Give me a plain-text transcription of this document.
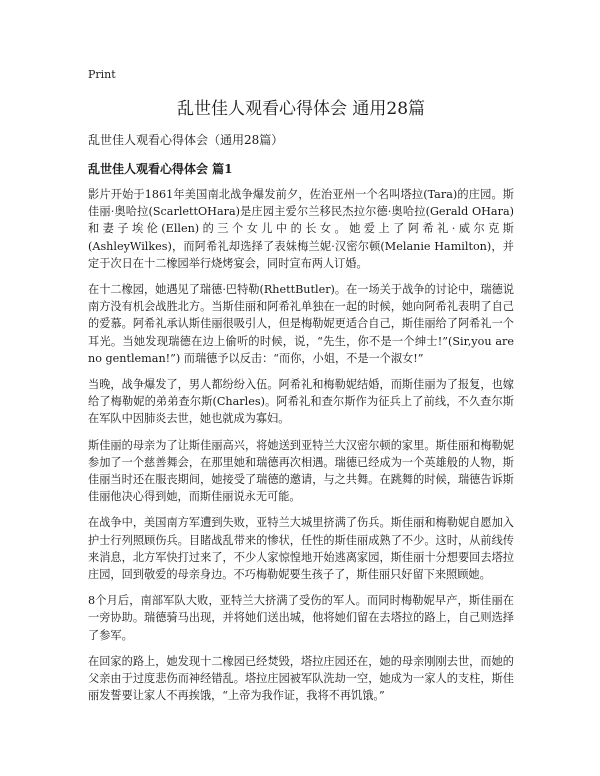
Print
乱世佳人观看心得体会 通用28篇
乱世佳人观看心得体会（通用28篇）
乱世佳人观看心得体会 篇1

影片开始于1861年美国南北战争爆发前夕，佐治亚州一个名叫塔拉(Tara)的庄园。斯佳丽·奥哈拉(ScarlettOHara)是庄园主爱尔兰移民杰拉尔德·奥哈拉(Gerald OHara)和妻子埃伦(Ellen)的三个女儿中的长女。她爱上了阿希礼·威尔克斯(AshleyWilkes)，而阿希礼却选择了表妹梅兰妮·汉密尔顿(Melanie Hamilton)，并定于次日在十二橡园举行烧烤宴会，同时宣布两人订婚。

在十二橡园，她遇见了瑞德·巴特勒(RhettButler)。在一场关于战争的讨论中，瑞德说南方没有机会战胜北方。当斯佳丽和阿希礼单独在一起的时候，她向阿希礼表明了自己的爱慕。阿希礼承认斯佳丽很吸引人，但是梅勒妮更适合自己，斯佳丽给了阿希礼一个耳光。当她发现瑞德在边上偷听的时候，说，“先生，你不是一个绅士!”(Sir,you are no gentleman!”) 而瑞德予以反击：“而你，小姐，不是一个淑女!”

当晚，战争爆发了，男人都纷纷入伍。阿希礼和梅勒妮结婚，而斯佳丽为了报复，也嫁给了梅勒妮的弟弟查尔斯(Charles)。阿希礼和查尔斯作为征兵上了前线，不久查尔斯在军队中因肺炎去世，她也就成为寡妇。

斯佳丽的母亲为了让斯佳丽高兴，将她送到亚特兰大汉密尔顿的家里。斯佳丽和梅勒妮参加了一个慈善舞会，在那里她和瑞德再次相遇。瑞德已经成为一个英雄般的人物，斯佳丽当时还在服丧期间，她接受了瑞德的邀请，与之共舞。在跳舞的时候，瑞德告诉斯佳丽他决心得到她，而斯佳丽说永无可能。

在战争中，美国南方军遭到失败，亚特兰大城里挤满了伤兵。斯佳丽和梅勒妮自愿加入护士行列照顾伤兵。目睹战乱带来的惨状，任性的斯佳丽成熟了不少。这时，从前线传来消息，北方军快打过来了，不少人家惊惶地开始逃离家园，斯佳丽十分想要回去塔拉庄园，回到敬爱的母亲身边。不巧梅勒妮要生孩子了，斯佳丽只好留下来照顾她。

8个月后，南部军队大败，亚特兰大挤满了受伤的军人。而同时梅勒妮早产，斯佳丽在一旁协助。瑞德骑马出现，并将她们送出城，他将她们留在去塔拉的路上，自己则选择了参军。

在回家的路上，她发现十二橡园已经焚毁，塔拉庄园还在，她的母亲刚刚去世，而她的父亲由于过度悲伤而神经错乱。塔拉庄园被军队洗劫一空，她成为一家人的支柱，斯佳丽发誓要让家人不再挨饿，“上帝为我作证，我将不再饥饿。”
